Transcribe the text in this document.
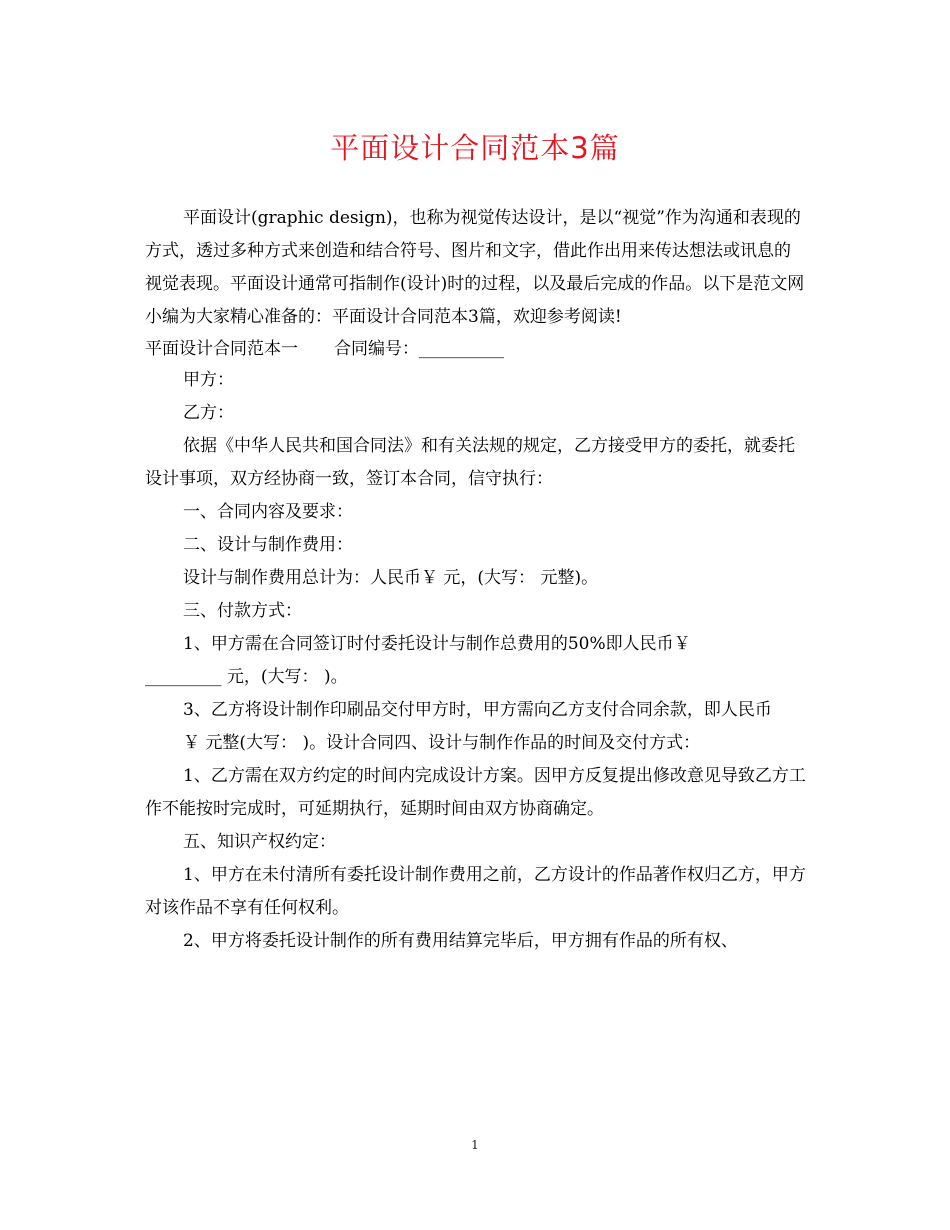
平面设计合同范本3篇

平面设计(graphic design)，也称为视觉传达设计，是以“视觉”作为沟通和表现的方式，透过多种方式来创造和结合符号、图片和文字，借此作出用来传达想法或讯息的视觉表现。平面设计通常可指制作(设计)时的过程，以及最后完成的作品。以下是范文网小编为大家精心准备的：平面设计合同范本3篇，欢迎参考阅读!

平面设计合同范本一 合同编号：__________

甲方：

乙方：

依据《中华人民共和国合同法》和有关法规的规定，乙方接受甲方的委托，就委托设计事项，双方经协商一致，签订本合同，信守执行：

一、合同内容及要求：

二、设计与制作费用：

设计与制作费用总计为：人民币￥ 元，(大写： 元整)。

三、付款方式：

1、甲方需在合同签订时付委托设计与制作总费用的50%即人民币￥

_________ 元，(大写： )。

3、乙方将设计制作印刷品交付甲方时，甲方需向乙方支付合同余款，即人民币

￥ 元整(大写： )。设计合同四、设计与制作作品的时间及交付方式：

1、乙方需在双方约定的时间内完成设计方案。因甲方反复提出修改意见导致乙方工作不能按时完成时，可延期执行，延期时间由双方协商确定。

五、知识产权约定：

1、甲方在未付清所有委托设计制作费用之前，乙方设计的作品著作权归乙方，甲方对该作品不享有任何权利。

2、甲方将委托设计制作的所有费用结算完毕后，甲方拥有作品的所有权、

1
